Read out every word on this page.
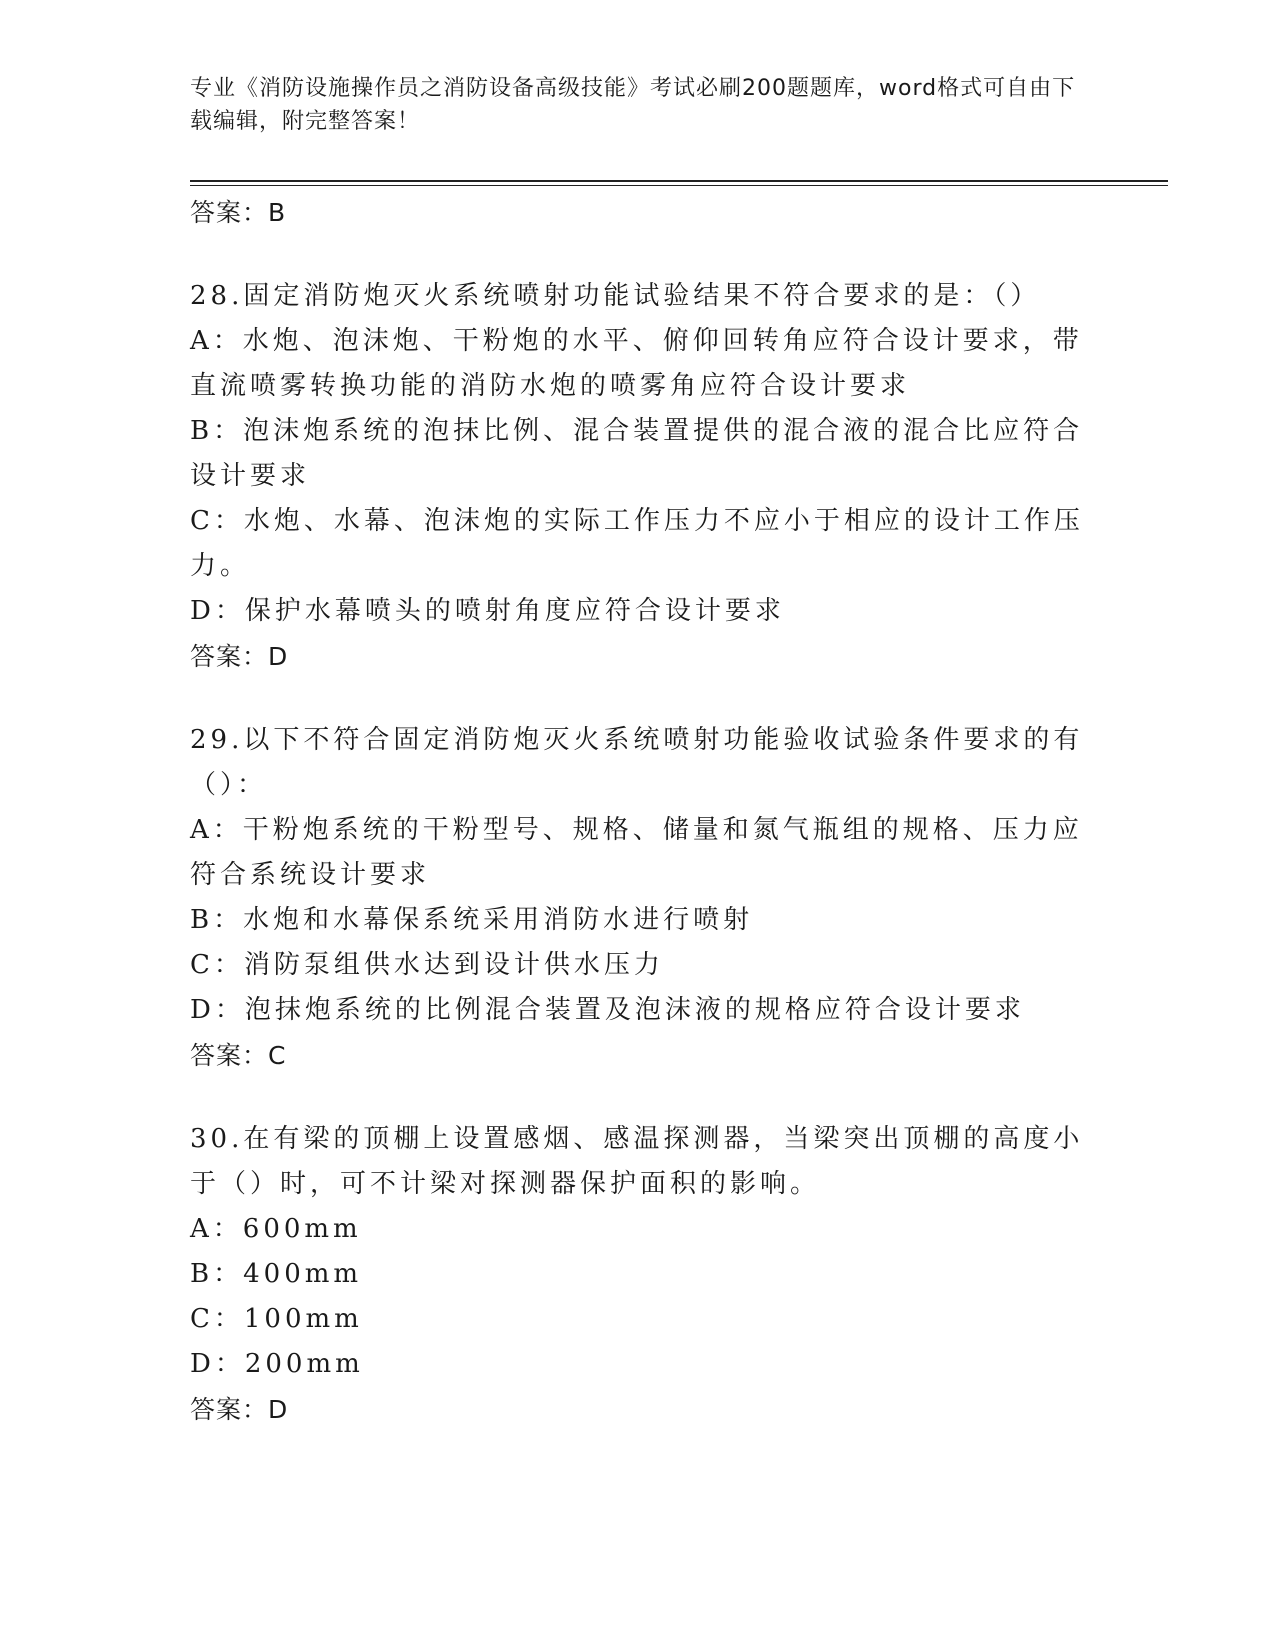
专业《消防设施操作员之消防设备高级技能》考试必刷200题题库，word格式可自由下载编辑，附完整答案！
答案：B
28.固定消防炮灭火系统喷射功能试验结果不符合要求的是：（）
A：水炮、泡沫炮、干粉炮的水平、俯仰回转角应符合设计要求，带直流喷雾转换功能的消防水炮的喷雾角应符合设计要求
B：泡沫炮系统的泡抹比例、混合装置提供的混合液的混合比应符合设计要求
C：水炮、水幕、泡沫炮的实际工作压力不应小于相应的设计工作压力。
D：保护水幕喷头的喷射角度应符合设计要求
答案：D
29.以下不符合固定消防炮灭火系统喷射功能验收试验条件要求的有（）：
A：干粉炮系统的干粉型号、规格、储量和氮气瓶组的规格、压力应符合系统设计要求
B：水炮和水幕保系统采用消防水进行喷射
C：消防泵组供水达到设计供水压力
D：泡抹炮系统的比例混合装置及泡沫液的规格应符合设计要求
答案：C
30.在有梁的顶棚上设置感烟、感温探测器，当梁突出顶棚的高度小于（）时，可不计梁对探测器保护面积的影响。
A：600mm
B：400mm
C：100mm
D：200mm
答案：D
